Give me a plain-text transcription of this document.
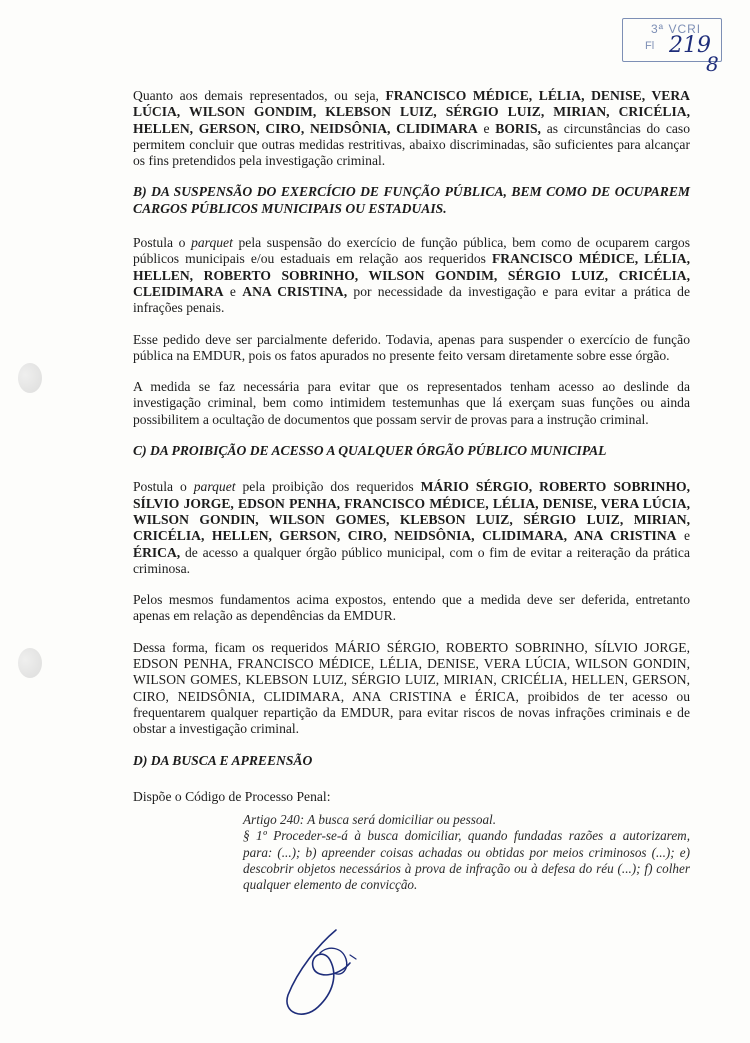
3ª VCRI
Fl 219
8

Quanto aos demais representados, ou seja, FRANCISCO MÉDICE, LÉLIA, DENISE, VERA LÚCIA, WILSON GONDIM, KLEBSON LUIZ, SÉRGIO LUIZ, MIRIAN, CRICÉLIA, HELLEN, GERSON, CIRO, NEIDSÔNIA, CLIDIMARA e BORIS, as circunstâncias do caso permitem concluir que outras medidas restritivas, abaixo discriminadas, são suficientes para alcançar os fins pretendidos pela investigação criminal.

B) DA SUSPENSÃO DO EXERCÍCIO DE FUNÇÃO PÚBLICA, BEM COMO DE OCUPAREM CARGOS PÚBLICOS MUNICIPAIS OU ESTADUAIS.

Postula o parquet pela suspensão do exercício de função pública, bem como de ocuparem cargos públicos municipais e/ou estaduais em relação aos requeridos FRANCISCO MÉDICE, LÉLIA, HELLEN, ROBERTO SOBRINHO, WILSON GONDIM, SÉRGIO LUIZ, CRICÉLIA, CLEIDIMARA e ANA CRISTINA, por necessidade da investigação e para evitar a prática de infrações penais.

Esse pedido deve ser parcialmente deferido. Todavia, apenas para suspender o exercício de função pública na EMDUR, pois os fatos apurados no presente feito versam diretamente sobre esse órgão.

A medida se faz necessária para evitar que os representados tenham acesso ao deslinde da investigação criminal, bem como intimidem testemunhas que lá exerçam suas funções ou ainda possibilitem a ocultação de documentos que possam servir de provas para a instrução criminal.

C) DA PROIBIÇÃO DE ACESSO A QUALQUER ÓRGÃO PÚBLICO MUNICIPAL

Postula o parquet pela proibição dos requeridos MÁRIO SÉRGIO, ROBERTO SOBRINHO, SÍLVIO JORGE, EDSON PENHA, FRANCISCO MÉDICE, LÉLIA, DENISE, VERA LÚCIA, WILSON GONDIN, WILSON GOMES, KLEBSON LUIZ, SÉRGIO LUIZ, MIRIAN, CRICÉLIA, HELLEN, GERSON, CIRO, NEIDSÔNIA, CLIDIMARA, ANA CRISTINA e ÉRICA, de acesso a qualquer órgão público municipal, com o fim de evitar a reiteração da prática criminosa.

Pelos mesmos fundamentos acima expostos, entendo que a medida deve ser deferida, entretanto apenas em relação as dependências da EMDUR.

Dessa forma, ficam os requeridos MÁRIO SÉRGIO, ROBERTO SOBRINHO, SÍLVIO JORGE, EDSON PENHA, FRANCISCO MÉDICE, LÉLIA, DENISE, VERA LÚCIA, WILSON GONDIN, WILSON GOMES, KLEBSON LUIZ, SÉRGIO LUIZ, MIRIAN, CRICÉLIA, HELLEN, GERSON, CIRO, NEIDSÔNIA, CLIDIMARA, ANA CRISTINA e ÉRICA, proibidos de ter acesso ou frequentarem qualquer repartição da EMDUR, para evitar riscos de novas infrações criminais e de obstar a investigação criminal.

D) DA BUSCA E APREENSÃO

Dispõe o Código de Processo Penal:

Artigo 240: A busca será domiciliar ou pessoal.

§ 1º Proceder-se-á à busca domiciliar, quando fundadas razões a autorizarem, para: (...); b) apreender coisas achadas ou obtidas por meios criminosos (...); e) descobrir objetos necessários à prova de infração ou à defesa do réu (...); f) colher qualquer elemento de convicção.
